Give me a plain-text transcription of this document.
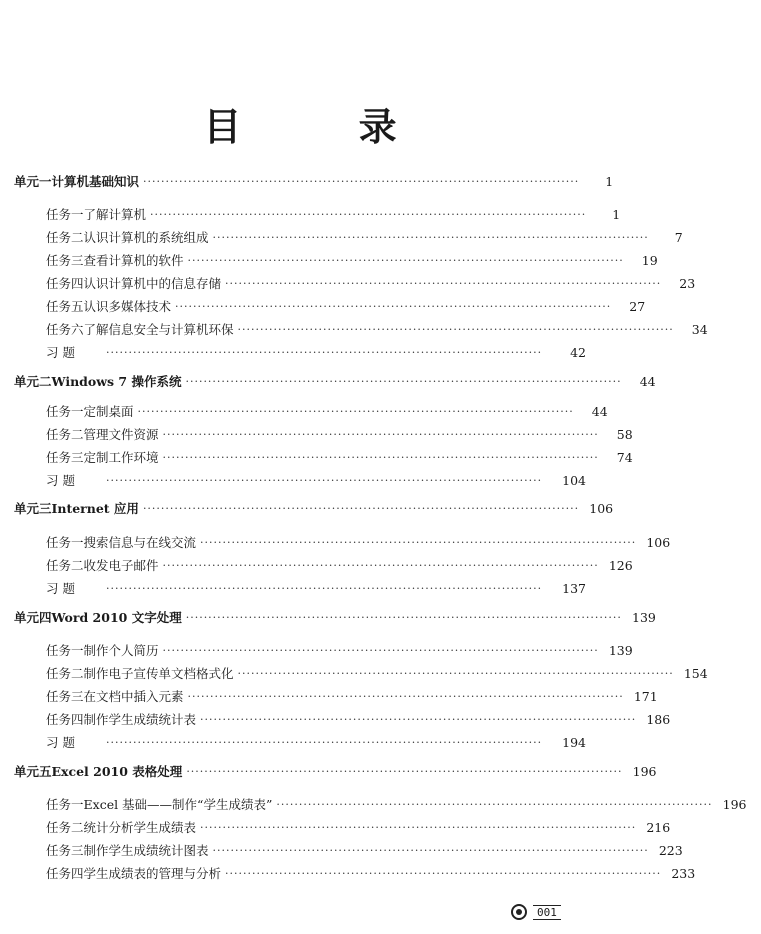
目 录
单元一 计算机基础知识 ·································································································	1
任务一 了解计算机 ·································································································	1
任务二 认识计算机的系统组成 ·································································································	7
任务三 查看计算机的软件 ·································································································	19
任务四 认识计算机中的信息存储 ·································································································	23
任务五 认识多媒体技术 ·································································································	27
任务六 了解信息安全与计算机环保 ·································································································	34
习 题	·································································································	42
单元二 Windows 7 操作系统 ·································································································	44
任务一 定制桌面 ·································································································	44
任务二 管理文件资源 ·································································································	58
任务三 定制工作环境 ·································································································	74
习 题	·································································································	104
单元三 Internet 应用 ································································································· 106
任务一 搜索信息与在线交流 ································································································· 106
任务二 收发电子邮件 ································································································· 126
习 题	·································································································	137
单元四 Word 2010 文字处理 ································································································· 139
任务一 制作个人简历 ································································································· 139
任务二 制作电子宣传单文档格式化 ································································································· 154
任务三 在文档中插入元素 ································································································· 171
任务四 制作学生成绩统计表 ································································································· 186
习 题	·································································································	194
单元五 Excel 2010 表格处理 ································································································· 196
任务一 Excel 基础——制作“学生成绩表” ································································································· 196
任务二 统计分析学生成绩表 ································································································· 216
任务三 制作学生成绩统计图表 ································································································· 223
任务四 学生成绩表的管理与分析 ································································································· 233
001
